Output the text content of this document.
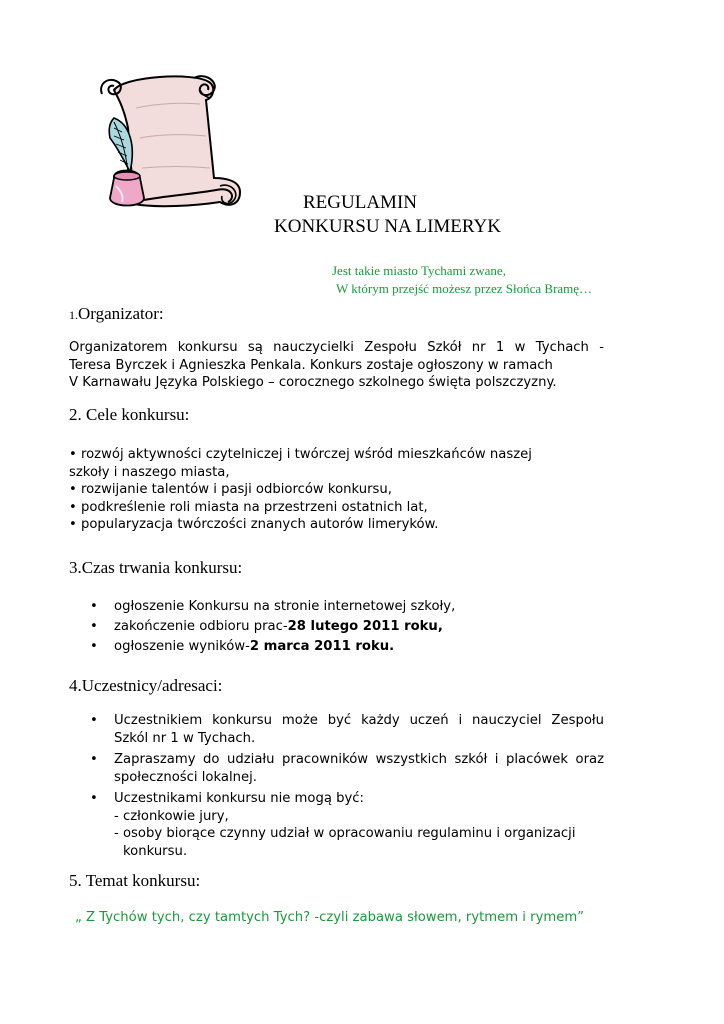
REGULAMIN
KONKURSU NA LIMERYK
Jest takie miasto Tychami zwane,
W którym przejść możesz przez Słońca Bramę…
1.Organizator:
Organizatorem konkursu są nauczycielki Zespołu Szkół nr 1 w Tychach -
Teresa Byrczek i Agnieszka Penkala. Konkurs zostaje ogłoszony w ramach
V Karnawału Języka Polskiego – corocznego szkolnego święta polszczyzny.
2. Cele konkursu:
• rozwój aktywności czytelniczej i twórczej wśród mieszkańców naszej
szkoły i naszego miasta,
• rozwijanie talentów i pasji odbiorców konkursu,
• podkreślenie roli miasta na przestrzeni ostatnich lat,
• popularyzacja twórczości znanych autorów limeryków.
3.Czas trwania konkursu:
• ogłoszenie Konkursu na stronie internetowej szkoły,
• zakończenie odbioru prac-28 lutego 2011 roku,
• ogłoszenie wyników-2 marca 2011 roku.
4.Uczestnicy/adresaci:
• Uczestnikiem konkursu może być każdy uczeń i nauczyciel Zespołu
Szkól nr 1 w Tychach.
• Zapraszamy do udziału pracowników wszystkich szkół i placówek oraz
społeczności lokalnej.
• Uczestnikami konkursu nie mogą być:
- członkowie jury,
- osoby biorące czynny udział w opracowaniu regulaminu i organizacji
konkursu.
5. Temat konkursu:
„ Z Tychów tych, czy tamtych Tych? -czyli zabawa słowem, rytmem i rymem”
